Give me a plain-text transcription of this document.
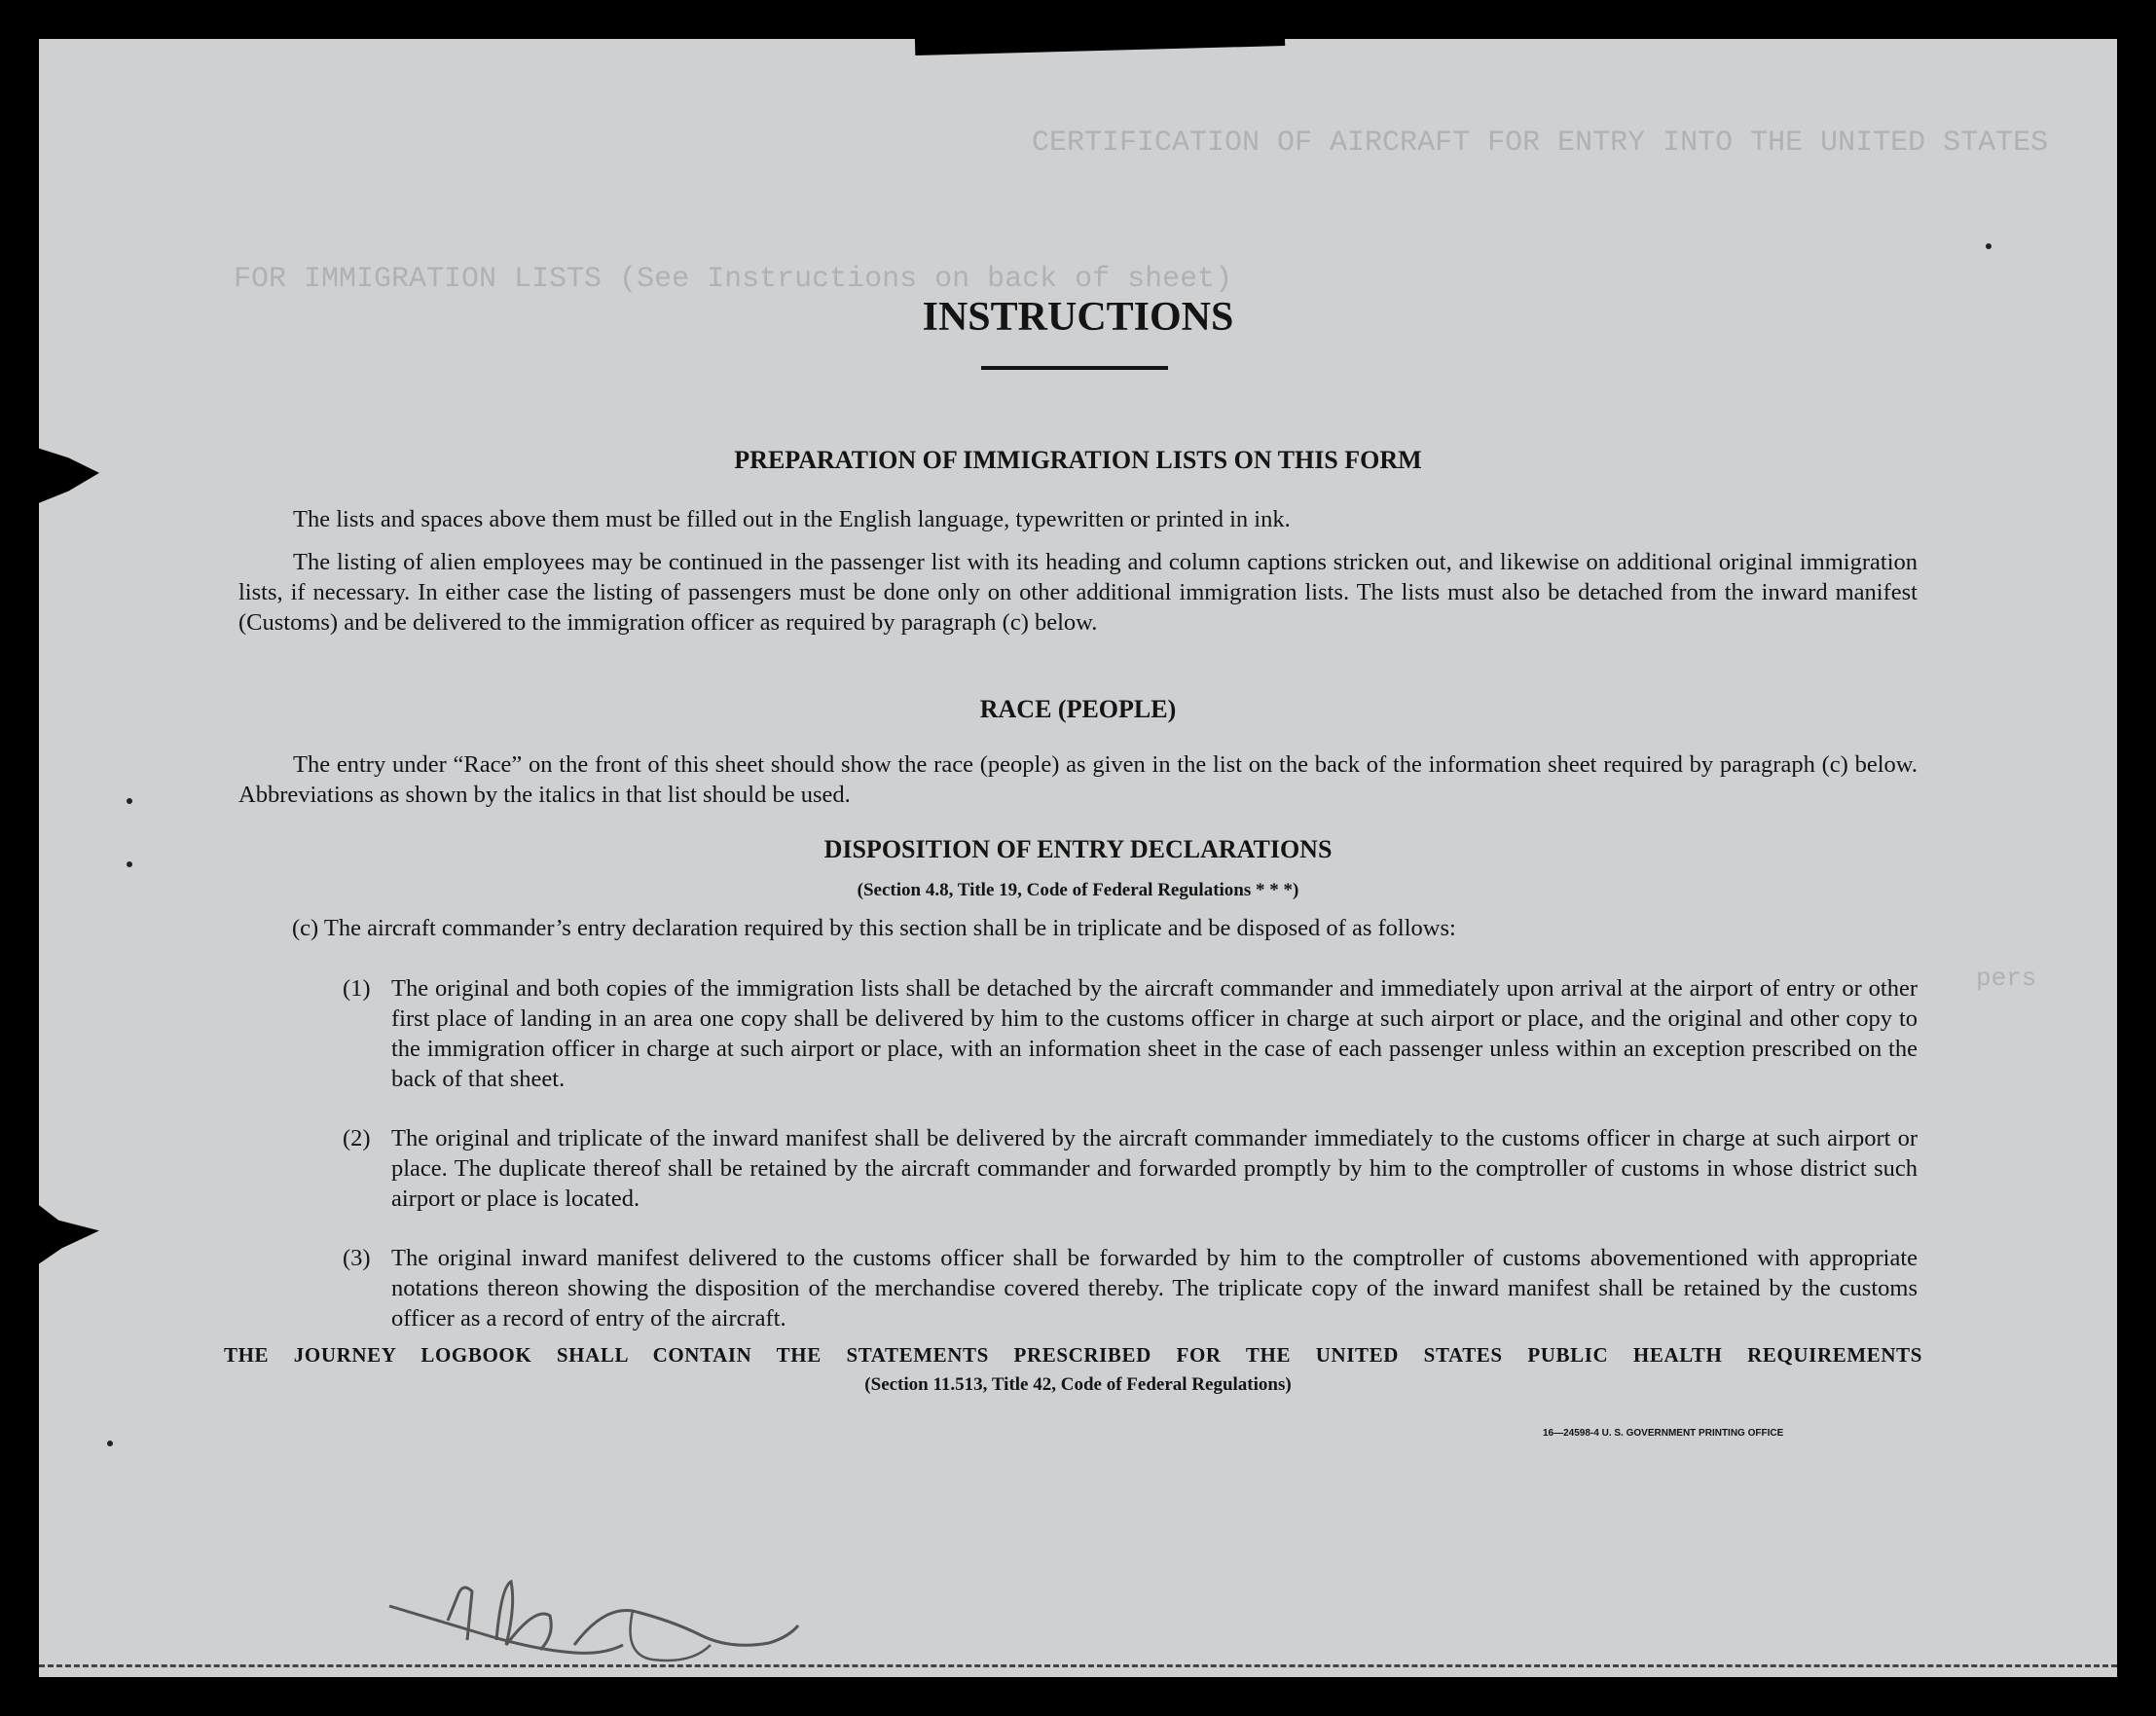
CERTIFICATION OF AIRCRAFT FOR ENTRY INTO THE UNITED STATES
FOR IMMIGRATION LISTS (See Instructions on back of sheet)
pers
INSTRUCTIONS
PREPARATION OF IMMIGRATION LISTS ON THIS FORM
The lists and spaces above them must be filled out in the English language, typewritten or printed in ink.
The listing of alien employees may be continued in the passenger list with its heading and column captions stricken out, and likewise on additional original immigration lists, if necessary. In either case the listing of passengers must be done only on other additional immigration lists. The lists must also be detached from the inward manifest (Customs) and be delivered to the immigration officer as required by paragraph (c) below.
RACE (PEOPLE)
The entry under “Race” on the front of this sheet should show the race (people) as given in the list on the back of the information sheet required by paragraph (c) below. Abbreviations as shown by the italics in that list should be used.
DISPOSITION OF ENTRY DECLARATIONS
(Section 4.8, Title 19, Code of Federal Regulations * * *)
(c) The aircraft commander’s entry declaration required by this section shall be in triplicate and be disposed of as follows:
(1) The original and both copies of the immigration lists shall be detached by the aircraft commander and immediately upon arrival at the airport of entry or other first place of landing in an area one copy shall be delivered by him to the customs officer in charge at such airport or place, and the original and other copy to the immigration officer in charge at such airport or place, with an information sheet in the case of each passenger unless within an exception prescribed on the back of that sheet.
(2) The original and triplicate of the inward manifest shall be delivered by the aircraft commander immediately to the customs officer in charge at such airport or place. The duplicate thereof shall be retained by the aircraft commander and forwarded promptly by him to the comptroller of customs in whose district such airport or place is located.
(3) The original inward manifest delivered to the customs officer shall be forwarded by him to the comptroller of customs abovementioned with appropriate notations thereon showing the disposition of the merchandise covered thereby. The triplicate copy of the inward manifest shall be retained by the customs officer as a record of entry of the aircraft.
THE JOURNEY LOGBOOK SHALL CONTAIN THE STATEMENTS PRESCRIBED FOR THE UNITED STATES PUBLIC HEALTH REQUIREMENTS
(Section 11.513, Title 42, Code of Federal Regulations)
16—24598-4 U. S. GOVERNMENT PRINTING OFFICE
